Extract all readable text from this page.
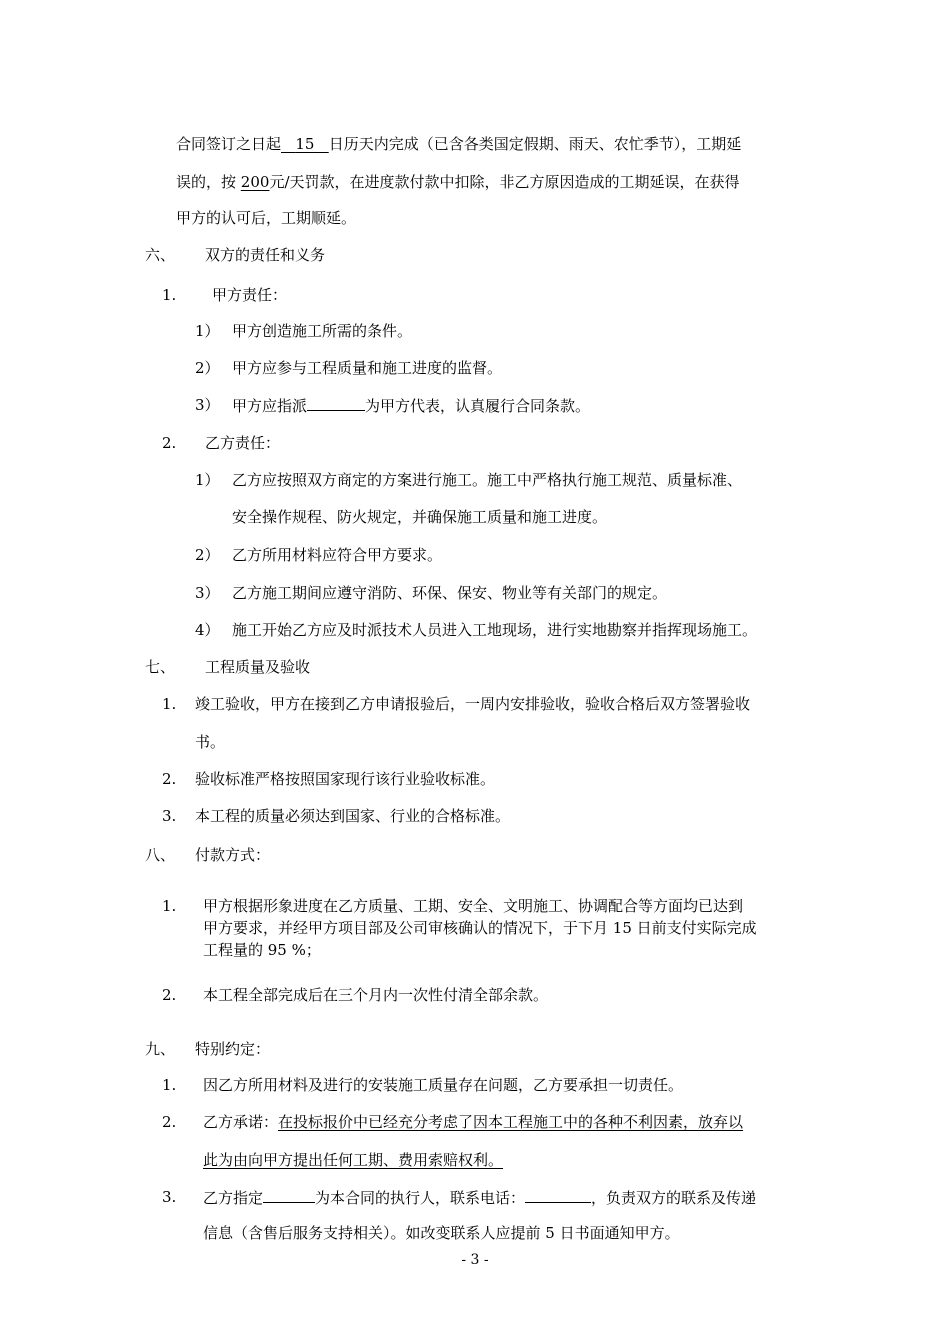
合同签订之日起 15 日历天内完成（已含各类国定假期、雨天、农忙季节），工期延
误的，按 200元/天罚款，在进度款付款中扣除，非乙方原因造成的工期延误，在获得
甲方的认可后，工期顺延。
六、 双方的责任和义务
1. 甲方责任：
1） 甲方创造施工所需的条件。
2） 甲方应参与工程质量和施工进度的监督。
3） 甲方应指派	为甲方代表，认真履行合同条款。
2. 乙方责任：
1） 乙方应按照双方商定的方案进行施工。施工中严格执行施工规范、质量标准、
安全操作规程、防火规定，并确保施工质量和施工进度。
2） 乙方所用材料应符合甲方要求。
3） 乙方施工期间应遵守消防、环保、保安、物业等有关部门的规定。
4） 施工开始乙方应及时派技术人员进入工地现场，进行实地勘察并指挥现场施工。
七、 工程质量及验收
1. 竣工验收，甲方在接到乙方申请报验后，一周内安排验收，验收合格后双方签署验收
书。
2. 验收标准严格按照国家现行该行业验收标准。
3. 本工程的质量必须达到国家、行业的合格标准。
八、 付款方式：
1. 甲方根据形象进度在乙方质量、工期、安全、文明施工、协调配合等方面均已达到
甲方要求，并经甲方项目部及公司审核确认的情况下，于下月 15 日前支付实际完成
工程量的 95 %；
2. 本工程全部完成后在三个月内一次性付清全部余款。
九、 特别约定：
1. 因乙方所用材料及进行的安装施工质量存在问题，乙方要承担一切责任。
2. 乙方承诺：在投标报价中已经充分考虑了因本工程施工中的各种不利因素，放弃以
此为由向甲方提出任何工期、费用索赔权利。
3. 乙方指定	为本合同的执行人，联系电话：	，负责双方的联系及传递
信息（含售后服务支持相关）。如改变联系人应提前 5 日书面通知甲方。
- 3 -
